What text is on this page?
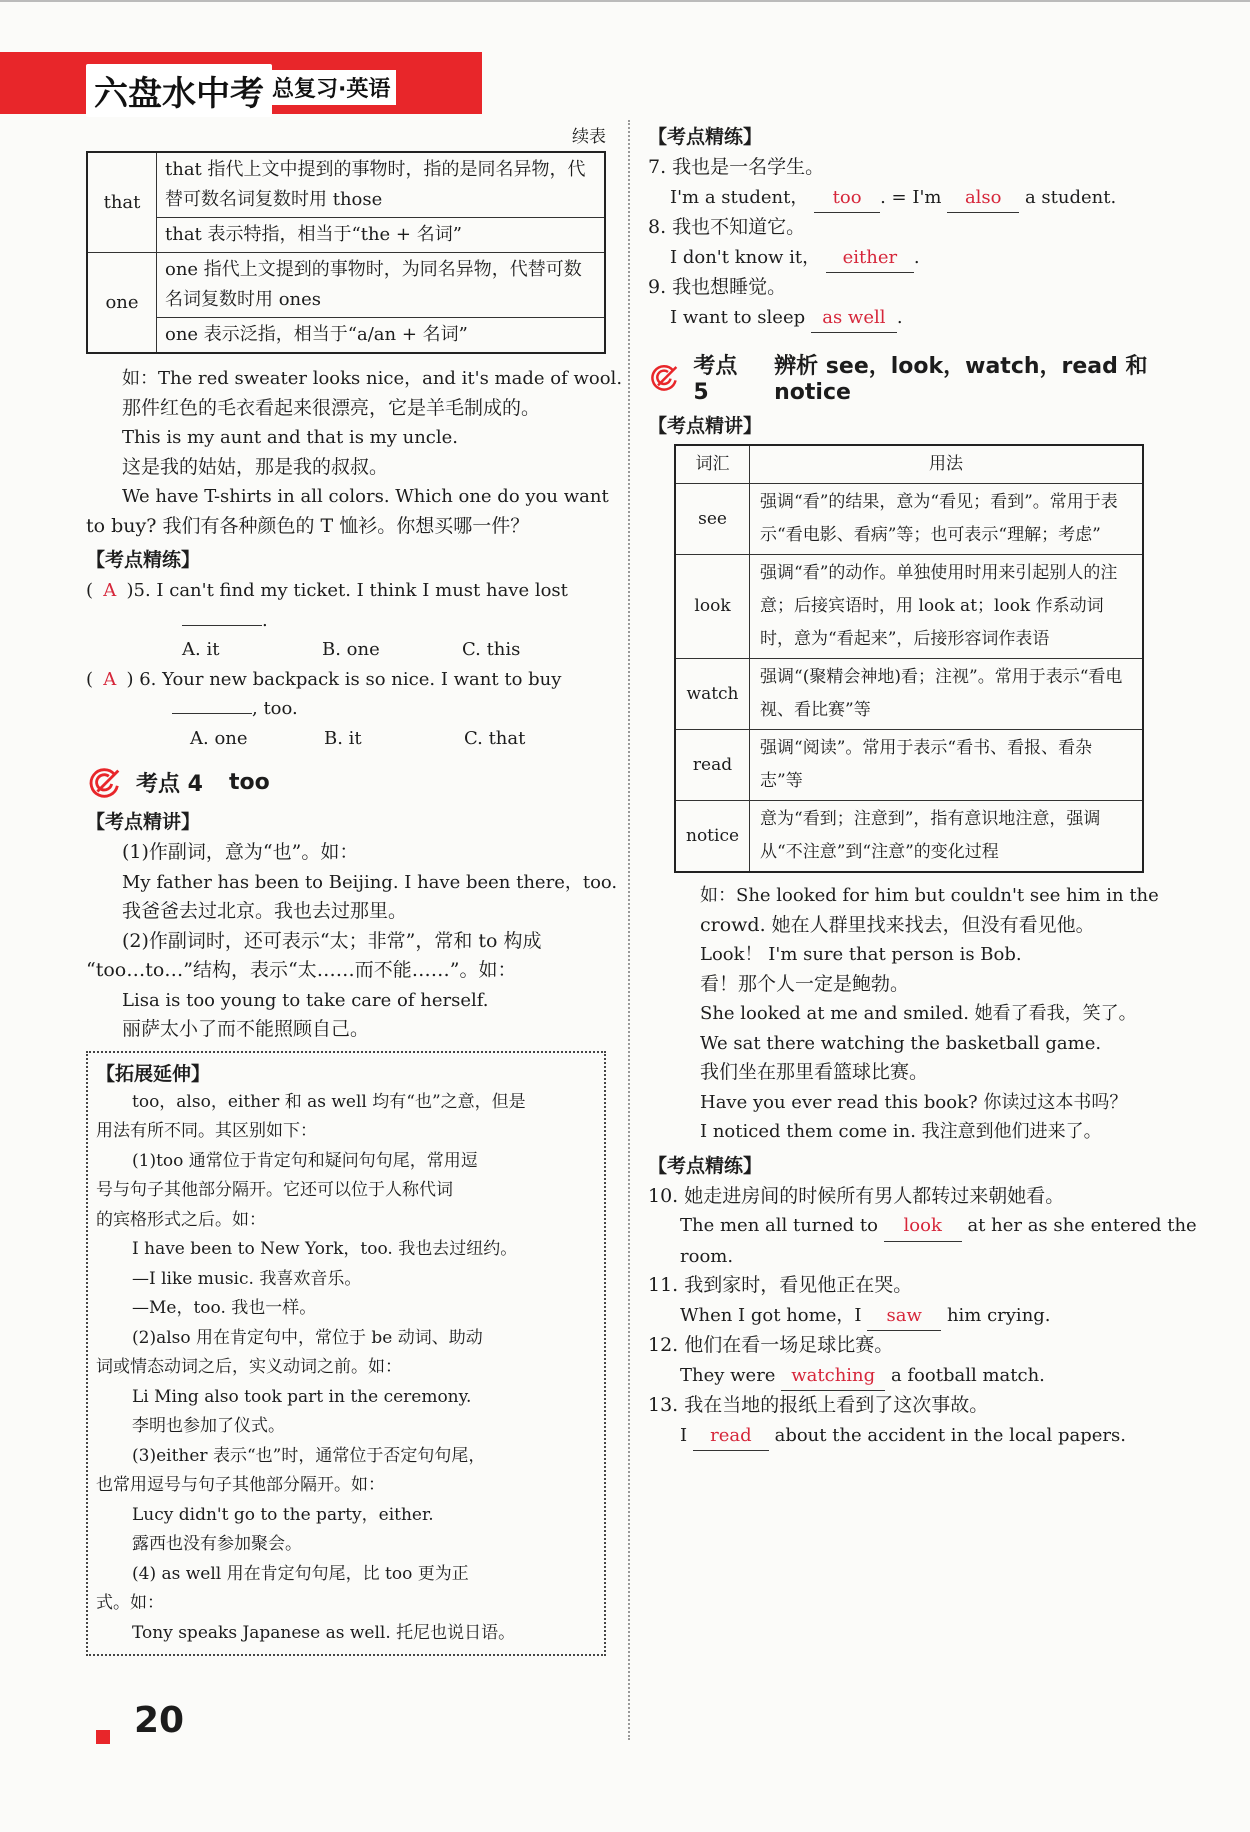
六盘水中考 总复习·英语

续表

that	that 指代上文中提到的事物时，指的是同名异物，代替可数名词复数时用 those
	that 表示特指，相当于“the + 名词”
one	one 指代上文提到的事物时，为同名异物，代替可数名词复数时用 ones
	one 表示泛指，相当于“a/an + 名词”

如：The red sweater looks nice，and it's made of wool.

那件红色的毛衣看起来很漂亮，它是羊毛制成的。

This is my aunt and that is my uncle.

这是我的姑姑，那是我的叔叔。

We have T-shirts in all colors. Which one do you want

to buy? 我们有各种颜色的 T 恤衫。你想买哪一件？

【考点精练】

( A )5. I can't find my ticket. I think I must have lost

.

A. it	B. one	C. this

( A ) 6. Your new backpack is so nice. I want to buy

, too.

A. one	B. it	C. that

考点 4 too

【考点精讲】

(1)作副词，意为“也”。如：

My father has been to Beijing. I have been there，too.

我爸爸去过北京。我也去过那里。

(2)作副词时，还可表示“太；非常”，常和 to 构成

“too…to…”结构，表示“太……而不能……”。如：

Lisa is too young to take care of herself.

丽萨太小了而不能照顾自己。

【拓展延伸】

too，also，either 和 as well 均有“也”之意，但是

用法有所不同。其区别如下：

(1)too 通常位于肯定句和疑问句句尾，常用逗

号与句子其他部分隔开。它还可以位于人称代词

的宾格形式之后。如：

I have been to New York，too. 我也去过纽约。

—I like music. 我喜欢音乐。

—Me，too. 我也一样。

(2)also 用在肯定句中，常位于 be 动词、助动

词或情态动词之后，实义动词之前。如：

Li Ming also took part in the ceremony.

李明也参加了仪式。

(3)either 表示“也”时，通常位于否定句句尾，

也常用逗号与句子其他部分隔开。如：

Lucy didn't go to the party，either.

露西也没有参加聚会。

(4) as well 用在肯定句句尾，比 too 更为正

式。如：

Tony speaks Japanese as well. 托尼也说日语。

【考点精练】

7. 我也是一名学生。

I'm a student， too . = I'm also a student.

8. 我也不知道它。

I don't know it， either .

9. 我也想睡觉。

I want to sleep as well .

考点 5
辨析 see，look，watch，read 和 notice

【考点精讲】

词汇	用法
see	强调“看”的结果，意为“看见；看到”。常用于表示“看电影、看病”等；也可表示“理解；考虑”
look	强调“看”的动作。单独使用时用来引起别人的注意；后接宾语时，用 look at；look 作系动词时，意为“看起来”，后接形容词作表语
watch	强调“(聚精会神地)看；注视”。常用于表示“看电视、看比赛”等
read	强调“阅读”。常用于表示“看书、看报、看杂志”等
notice	意为“看到；注意到”，指有意识地注意，强调从“不注意”到“注意”的变化过程

如：She looked for him but couldn't see him in the

crowd. 她在人群里找来找去，但没有看见他。

Look！ I'm sure that person is Bob.

看！那个人一定是鲍勃。

She looked at me and smiled. 她看了看我，笑了。

We sat there watching the basketball game.

我们坐在那里看篮球比赛。

Have you ever read this book? 你读过这本书吗？

I noticed them come in. 我注意到他们进来了。

【考点精练】

10. 她走进房间的时候所有男人都转过来朝她看。

The men all turned to look at her as she entered the

room.

11. 我到家时，看见他正在哭。

When I got home，I saw him crying.

12. 他们在看一场足球比赛。

They were watching a football match.

13. 我在当地的报纸上看到了这次事故。

I read about the accident in the local papers.

20
